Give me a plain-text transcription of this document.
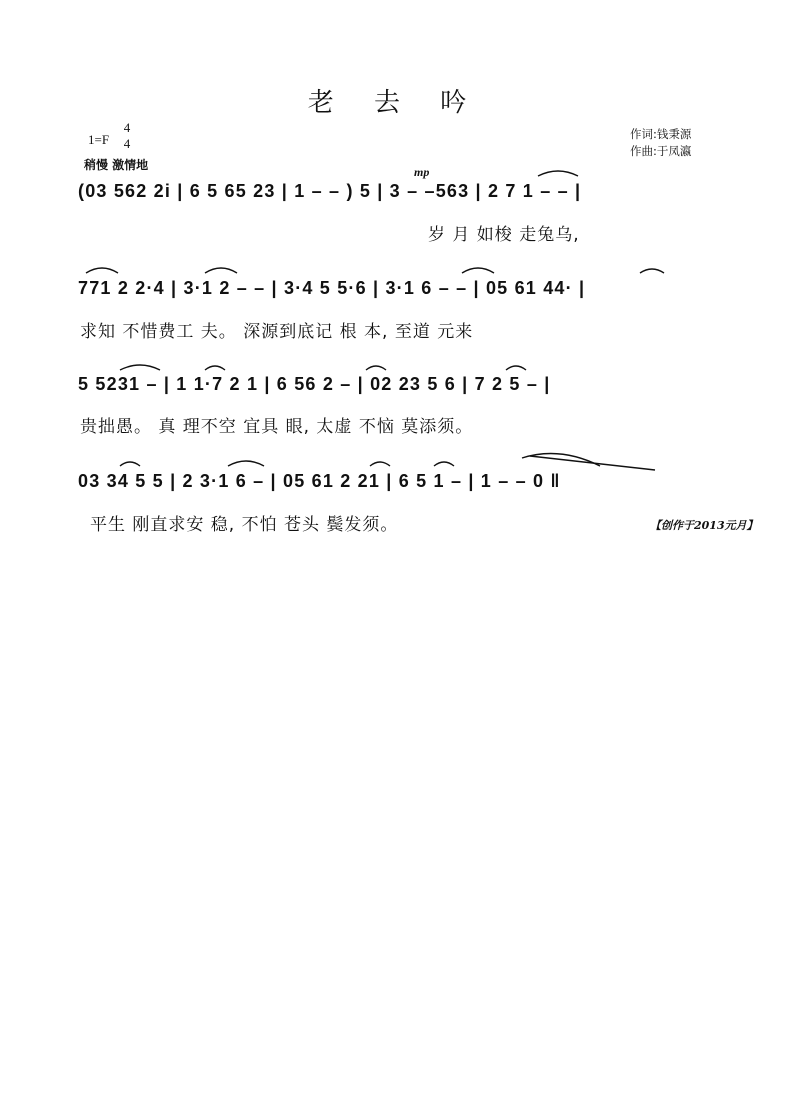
老 去 吟
1=F
4
4
稍慢 激情地
作词:钱秉源
作曲:于凤瀛
mp
(03 562 2i | 6 5 65 23 | 1 – – ) 5 | 3 – –563 | 2 7 1 – – |
岁 月 如梭 走兔乌,
771 2 2·4 | 3·1 2 – – | 3·4 5 5·6 | 3·1 6 – – | 05 61 44· |
求知 不惜费工 夫。 深源到底记 根 本, 至道 元来
5 5231 – | 1 1·7 2 1 | 6 56 2 – | 02 23 5 6 | 7 2 5 – |
贵拙愚。 真 理不空 宜具 眼, 太虚 不恼 莫添须。
03 34 5 5 | 2 3·1 6 – | 05 61 2 21 | 6 5 1 – | 1 – – 0 ‖
平生 刚直求安 稳, 不怕 苍头 鬓发须。	【创作于2013元月】
